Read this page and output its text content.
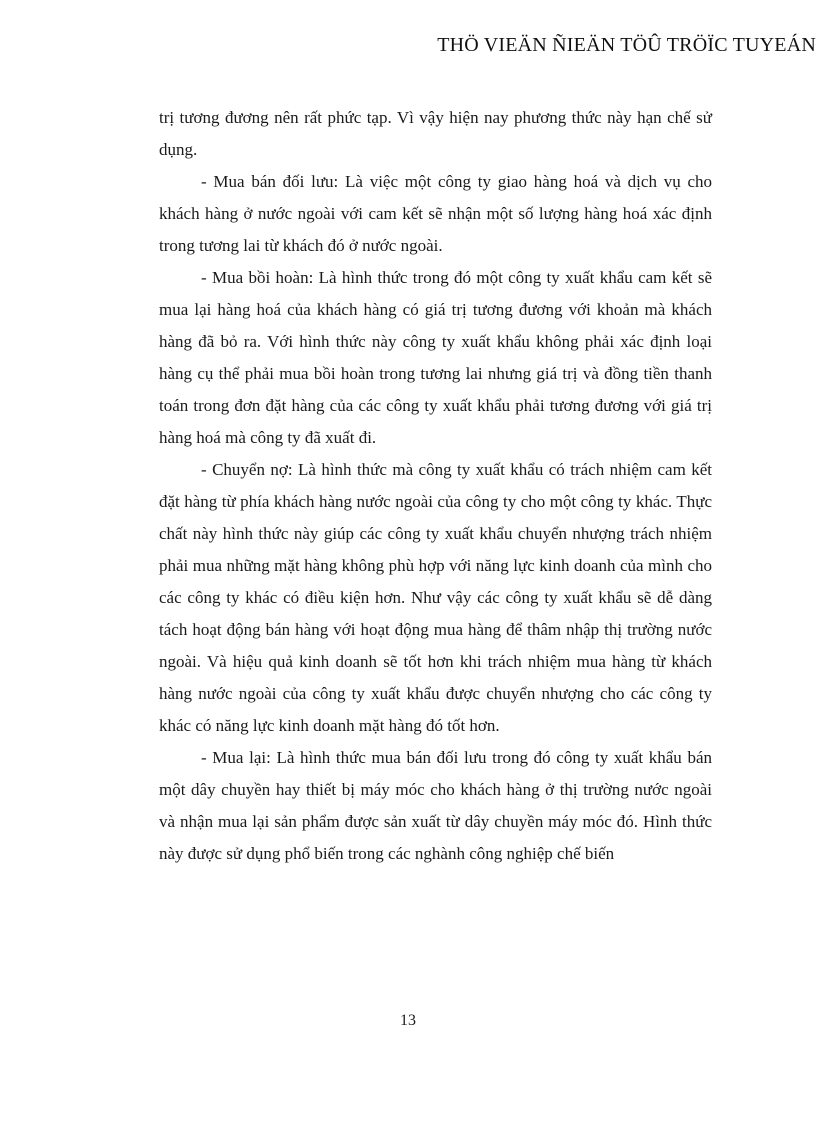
THÖ VIEÄN ÑIEÄN TÖÛ TRÖÏC TUYEÁN

trị tương đương nên rất phức tạp. Vì vậy hiện nay phương thức này hạn chế sử dụng.

- Mua bán đối lưu: Là việc một công ty giao hàng hoá và dịch vụ cho khách hàng ở nước ngoài với cam kết sẽ nhận một số lượng hàng hoá xác định trong tương lai từ khách đó ở nước ngoài.

- Mua bồi hoàn: Là hình thức trong đó một công ty xuất khẩu cam kết sẽ mua lại hàng hoá của khách hàng có giá trị tương đương với khoản mà khách hàng đã bỏ ra. Với hình thức này công ty xuất khẩu không phải xác định loại hàng cụ thể phải mua bồi hoàn trong tương lai nhưng giá trị và đồng tiền thanh toán trong đơn đặt hàng của các công ty xuất khẩu phải tương đương với giá trị hàng hoá mà công ty đã xuất đi.

- Chuyển nợ: Là hình thức mà công ty xuất khẩu có trách nhiệm cam kết đặt hàng từ phía khách hàng nước ngoài của công ty cho một công ty khác. Thực chất này hình thức này giúp các công ty xuất khẩu chuyển nhượng trách nhiệm phải mua những mặt hàng không phù hợp với năng lực kinh doanh của mình cho các công ty khác có điều kiện hơn. Như vậy các công ty xuất khẩu sẽ dễ dàng tách hoạt động bán hàng với hoạt động mua hàng để thâm nhập thị trường nước ngoài. Và hiệu quả kinh doanh sẽ tốt hơn khi trách nhiệm mua hàng từ khách hàng nước ngoài của công ty xuất khẩu được chuyển nhượng cho các công ty khác có năng lực kinh doanh mặt hàng đó tốt hơn.

- Mua lại: Là hình thức mua bán đối lưu trong đó công ty xuất khẩu bán một dây chuyền hay thiết bị máy móc cho khách hàng ở thị trường nước ngoài và nhận mua lại sản phẩm được sản xuất từ dây chuyền máy móc đó. Hình thức này được sử dụng phổ biến trong các nghành công nghiệp chế biến

13
